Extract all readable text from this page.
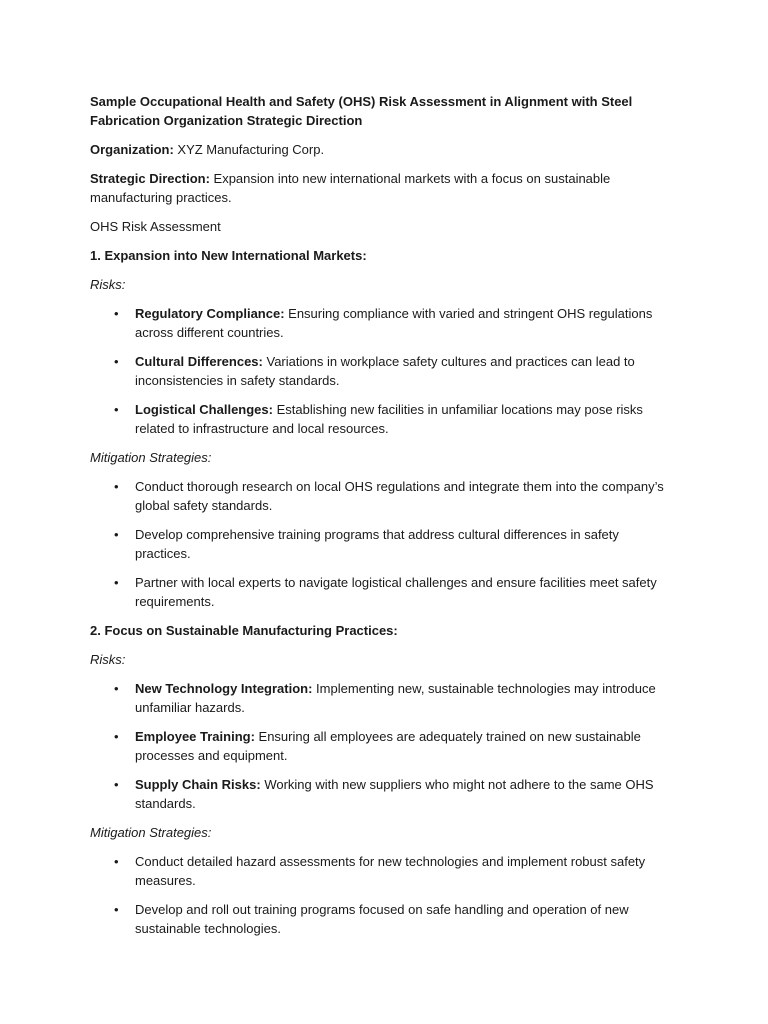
Sample Occupational Health and Safety (OHS) Risk Assessment in Alignment with Steel Fabrication Organization Strategic Direction

Organization: XYZ Manufacturing Corp.

Strategic Direction: Expansion into new international markets with a focus on sustainable manufacturing practices.

OHS Risk Assessment

1. Expansion into New International Markets:

Risks:

• Regulatory Compliance: Ensuring compliance with varied and stringent OHS regulations across different countries.
• Cultural Differences: Variations in workplace safety cultures and practices can lead to inconsistencies in safety standards.
• Logistical Challenges: Establishing new facilities in unfamiliar locations may pose risks related to infrastructure and local resources.

Mitigation Strategies:

• Conduct thorough research on local OHS regulations and integrate them into the company’s global safety standards.
• Develop comprehensive training programs that address cultural differences in safety practices.
• Partner with local experts to navigate logistical challenges and ensure facilities meet safety requirements.

2. Focus on Sustainable Manufacturing Practices:

Risks:

• New Technology Integration: Implementing new, sustainable technologies may introduce unfamiliar hazards.
• Employee Training: Ensuring all employees are adequately trained on new sustainable processes and equipment.
• Supply Chain Risks: Working with new suppliers who might not adhere to the same OHS standards.

Mitigation Strategies:

• Conduct detailed hazard assessments for new technologies and implement robust safety measures.
• Develop and roll out training programs focused on safe handling and operation of new sustainable technologies.
